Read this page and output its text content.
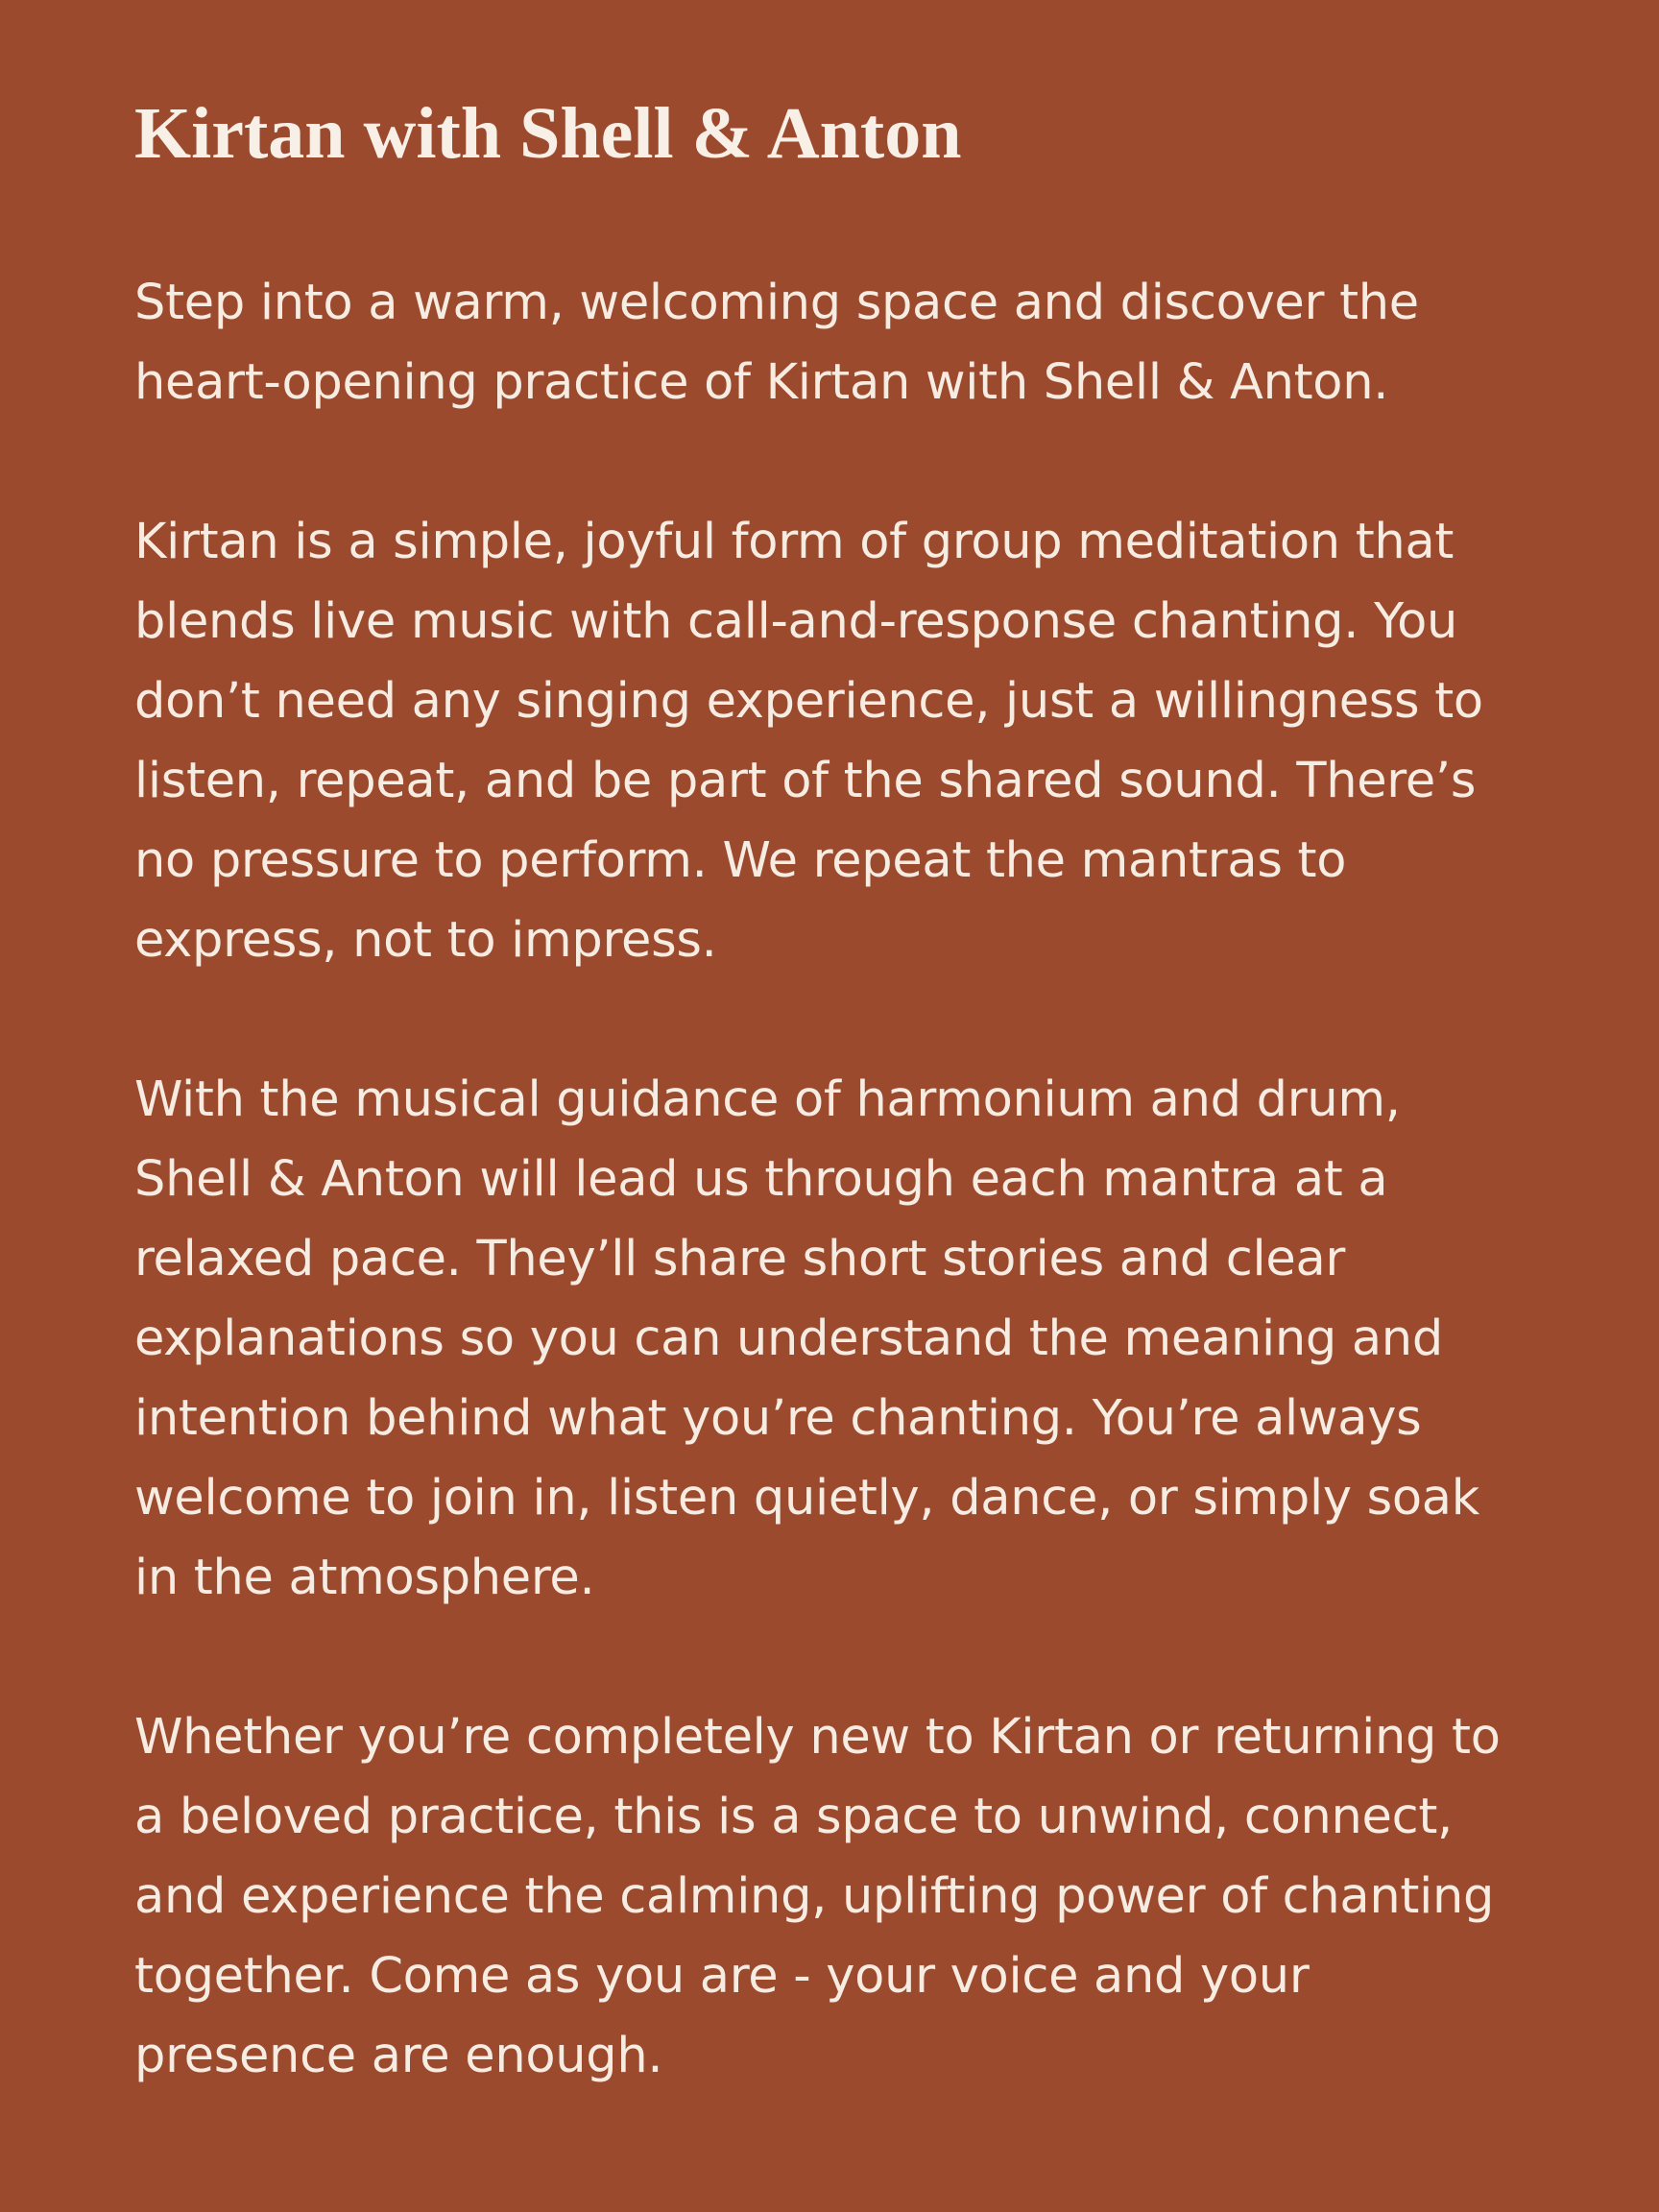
Kirtan with Shell & Anton

Step into a warm, welcoming space and discover the heart-opening practice of Kirtan with Shell & Anton.

Kirtan is a simple, joyful form of group meditation that blends live music with call-and-response chanting. You don’t need any singing experience, just a willingness to listen, repeat, and be part of the shared sound. There’s no pressure to perform. We repeat the mantras to express, not to impress.

With the musical guidance of harmonium and drum, Shell & Anton will lead us through each mantra at a relaxed pace. They’ll share short stories and clear explanations so you can understand the meaning and intention behind what you’re chanting. You’re always welcome to join in, listen quietly, dance, or simply soak in the atmosphere.

Whether you’re completely new to Kirtan or returning to a beloved practice, this is a space to unwind, connect, and experience the calming, uplifting power of chanting together. Come as you are - your voice and your presence are enough.
